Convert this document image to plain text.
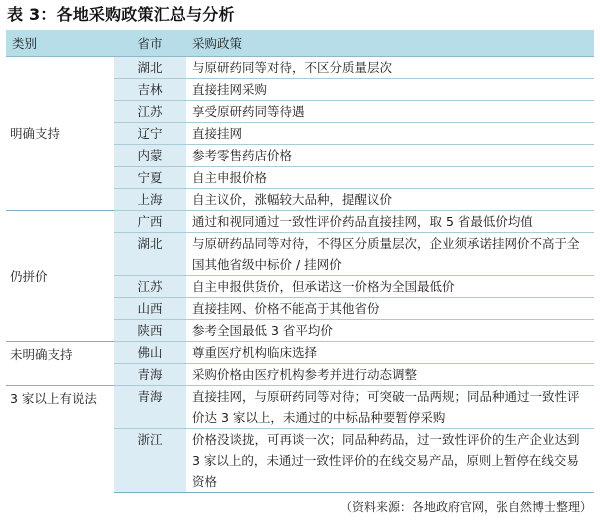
表 3：各地采购政策汇总与分析
类别	省市	采购政策
明确支持	湖北	与原研药同等对待，不区分质量层次
	吉林	直接挂网采购
	江苏	享受原研药同等待遇
	辽宁	直接挂网
	内蒙	参考零售药店价格
	宁夏	自主申报价格
	上海	自主议价，涨幅较大品种，提醒议价
仍拼价	广西	通过和视同通过一致性评价药品直接挂网，取 5 省最低价均值
	湖北	与原研药品同等对待，不得区分质量层次，企业须承诺挂网价不高于全国其他省级中标价 / 挂网价
	江苏	自主申报供货价，但承诺这一价格为全国最低价
	山西	直接挂网、价格不能高于其他省份
	陕西	参考全国最低 3 省平均价
未明确支持	佛山	尊重医疗机构临床选择
	青海	采购价格由医疗机构参考并进行动态调整
3 家以上有说法	青海	直接挂网，与原研药同等对待；可突破一品两规；同品种通过一致性评价达 3 家以上，未通过的中标品种要暂停采购
	浙江	价格没谈拢，可再谈一次；同品种药品，过一致性评价的生产企业达到 3 家以上的，未通过一致性评价的在线交易产品，原则上暂停在线交易资格
（资料来源：各地政府官网，张自然博士整理）
